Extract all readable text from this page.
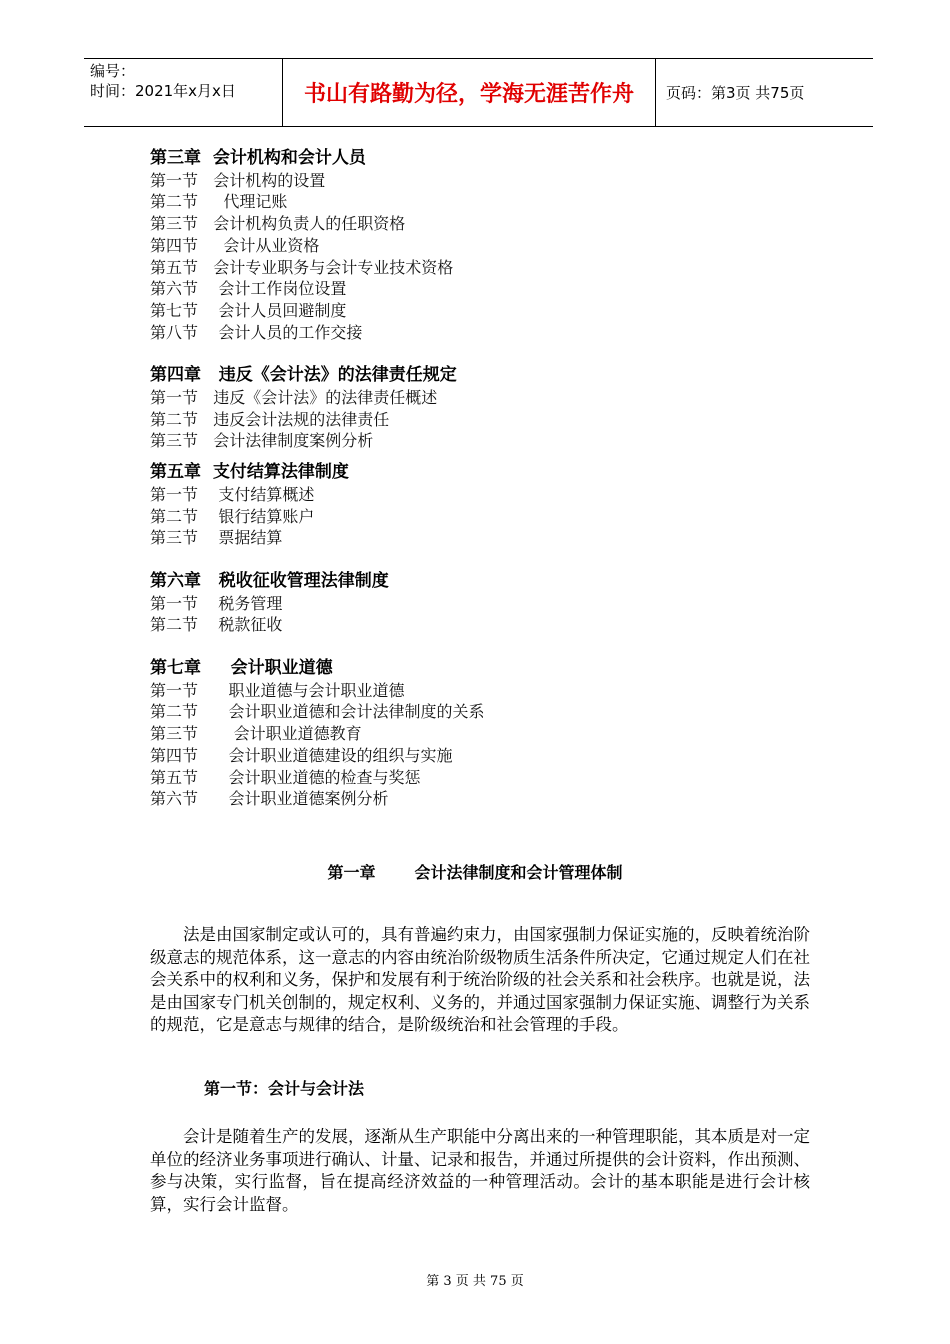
编号：
时间：2021年x月x日	书山有路勤为径，学海无涯苦作舟	页码：第3页 共75页
第三章  会计机构和会计人员
第一节   会计机构的设置
第二节     代理记账
第三节   会计机构负责人的任职资格
第四节     会计从业资格
第五节   会计专业职务与会计专业技术资格
第六节    会计工作岗位设置
第七节    会计人员回避制度
第八节    会计人员的工作交接
第四章   违反《会计法》的法律责任规定
第一节   违反《会计法》的法律责任概述
第二节   违反会计法规的法律责任
第三节   会计法律制度案例分析
第五章  支付结算法律制度
第一节    支付结算概述
第二节    银行结算账户
第三节    票据结算
第六章   税收征收管理法律制度
第一节    税务管理
第二节    税款征收
第七章     会计职业道德
第一节      职业道德与会计职业道德
第二节      会计职业道德和会计法律制度的关系
第三节       会计职业道德教育
第四节      会计职业道德建设的组织与实施
第五节      会计职业道德的检查与奖惩
第六节      会计职业道德案例分析
第一章       会计法律制度和会计管理体制
法是由国家制定或认可的，具有普遍约束力，由国家强制力保证实施的，反映着统治阶级意志的规范体系，这一意志的内容由统治阶级物质生活条件所决定，它通过规定人们在社会关系中的权利和义务，保护和发展有利于统治阶级的社会关系和社会秩序。也就是说，法是由国家专门机关创制的，规定权利、义务的，并通过国家强制力保证实施、调整行为关系的规范，它是意志与规律的结合，是阶级统治和社会管理的手段。
第一节：会计与会计法
会计是随着生产的发展，逐渐从生产职能中分离出来的一种管理职能，其本质是对一定单位的经济业务事项进行确认、计量、记录和报告，并通过所提供的会计资料，作出预测、参与决策，实行监督，旨在提高经济效益的一种管理活动。会计的基本职能是进行会计核算，实行会计监督。
第 3 页 共 75 页
